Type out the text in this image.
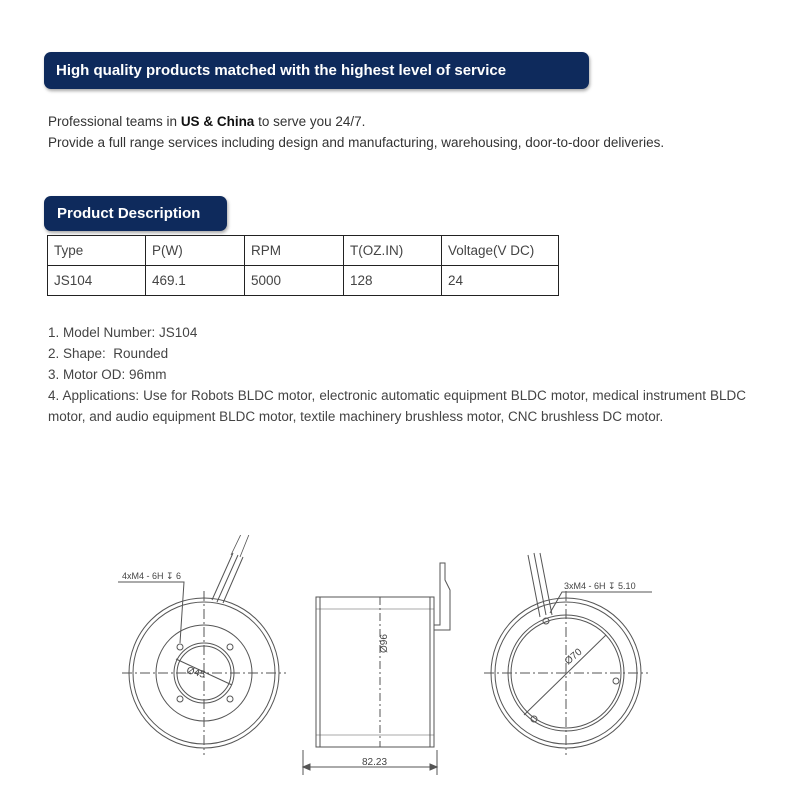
High quality products matched with the highest level of service
Professional teams in US & China to serve you 24/7.
Provide a full range services including design and manufacturing, warehousing, door-to-door deliveries.
Product Description
Type	P(W)	RPM	T(OZ.IN)	Voltage(V DC)
JS104	469.1	5000	128	24

1. Model Number: JS104

2. Shape:  Rounded

3. Motor OD: 96mm

4. Applications: Use for Robots BLDC motor, electronic automatic equipment BLDC motor, medical instrument BLDC motor, and audio equipment BLDC motor, textile machinery brushless motor, CNC brushless DC motor.

4xM4 - 6H ↧ 6
Ø45
Ø96
82.23
3xM4 - 6H ↧ 5.10
Ø70
